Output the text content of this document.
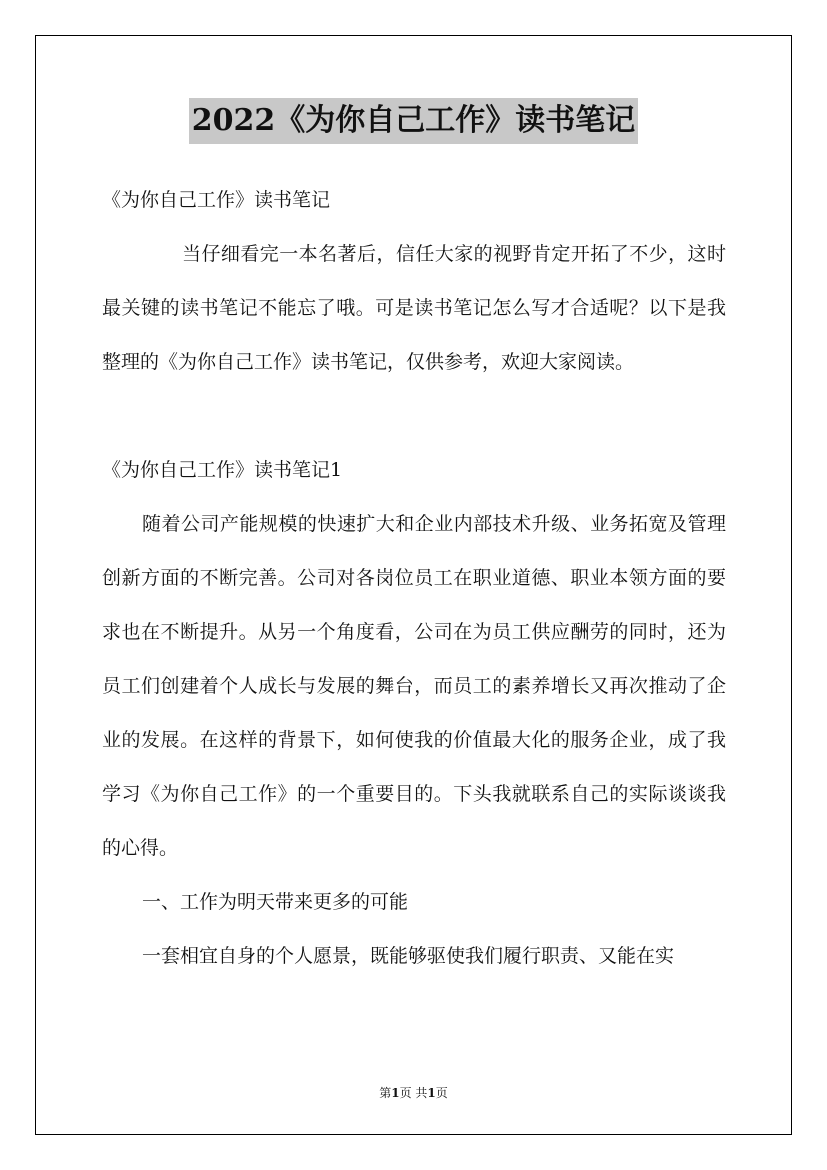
2022《为你自己工作》读书笔记

《为你自己工作》读书笔记

当仔细看完一本名著后，信任大家的视野肯定开拓了不少，这时最关键的读书笔记不能忘了哦。可是读书笔记怎么写才合适呢？以下是我整理的《为你自己工作》读书笔记，仅供参考，欢迎大家阅读。

《为你自己工作》读书笔记1

随着公司产能规模的快速扩大和企业内部技术升级、业务拓宽及管理创新方面的不断完善。公司对各岗位员工在职业道德、职业本领方面的要求也在不断提升。从另一个角度看，公司在为员工供应酬劳的同时，还为员工们创建着个人成长与发展的舞台，而员工的素养增长又再次推动了企业的发展。在这样的背景下，如何使我的价值最大化的服务企业，成了我学习《为你自己工作》的一个重要目的。下头我就联系自己的实际谈谈我的心得。

一、工作为明天带来更多的可能

一套相宜自身的个人愿景，既能够驱使我们履行职责、又能在实

第1页 共1页
